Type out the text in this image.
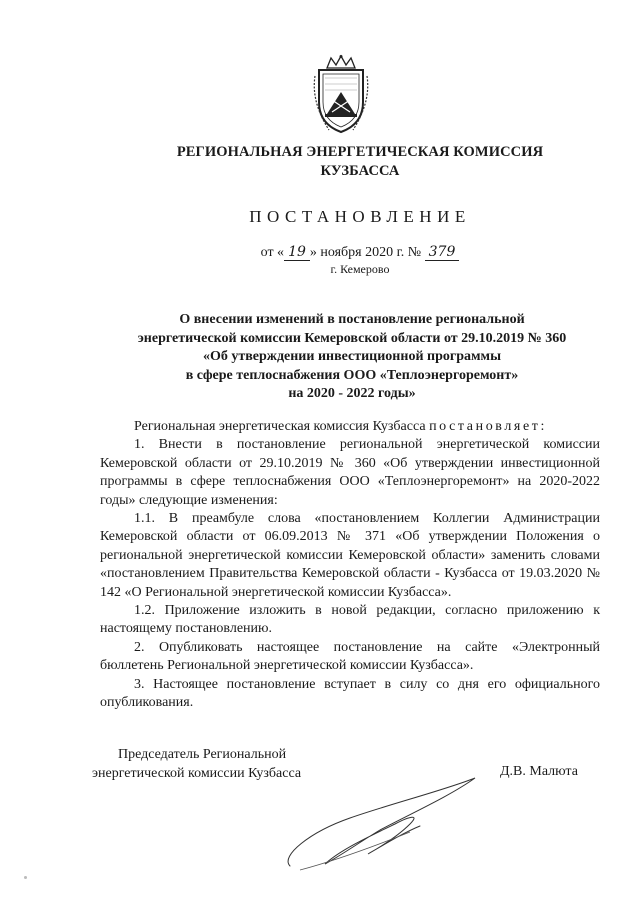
РЕГИОНАЛЬНАЯ ЭНЕРГЕТИЧЕСКАЯ КОМИССИЯ
КУЗБАССА
ПОСТАНОВЛЕНИЕ
от « 19 » ноября 2020 г. № 379
г. Кемерово
О внесении изменений в постановление региональной
энергетической комиссии Кемеровской области от 29.10.2019 № 360
«Об утверждении инвестиционной программы
в сфере теплоснабжения ООО «Теплоэнергоремонт»
на 2020 - 2022 годы»

Региональная энергетическая комиссия Кузбасса постановляет:

1. Внести в постановление региональной энергетической комиссии Кемеровской области от 29.10.2019 № 360 «Об утверждении инвестиционной программы в сфере теплоснабжения ООО «Теплоэнергоремонт» на 2020-2022 годы» следующие изменения:

1.1. В преамбуле слова «постановлением Коллегии Администрации Кемеровской области от 06.09.2013 № 371 «Об утверждении Положения о региональной энергетической комиссии Кемеровской области» заменить словами «постановлением Правительства Кемеровской области - Кузбасса от 19.03.2020 № 142 «О Региональной энергетической комиссии Кузбасса».

1.2. Приложение изложить в новой редакции, согласно приложению к настоящему постановлению.

2. Опубликовать настоящее постановление на сайте «Электронный бюллетень Региональной энергетической комиссии Кузбасса».

3. Настоящее постановление вступает в силу со дня его официального опубликования.

Председатель Региональной
энергетической комиссии Кузбасса	Д.В. Малюта
